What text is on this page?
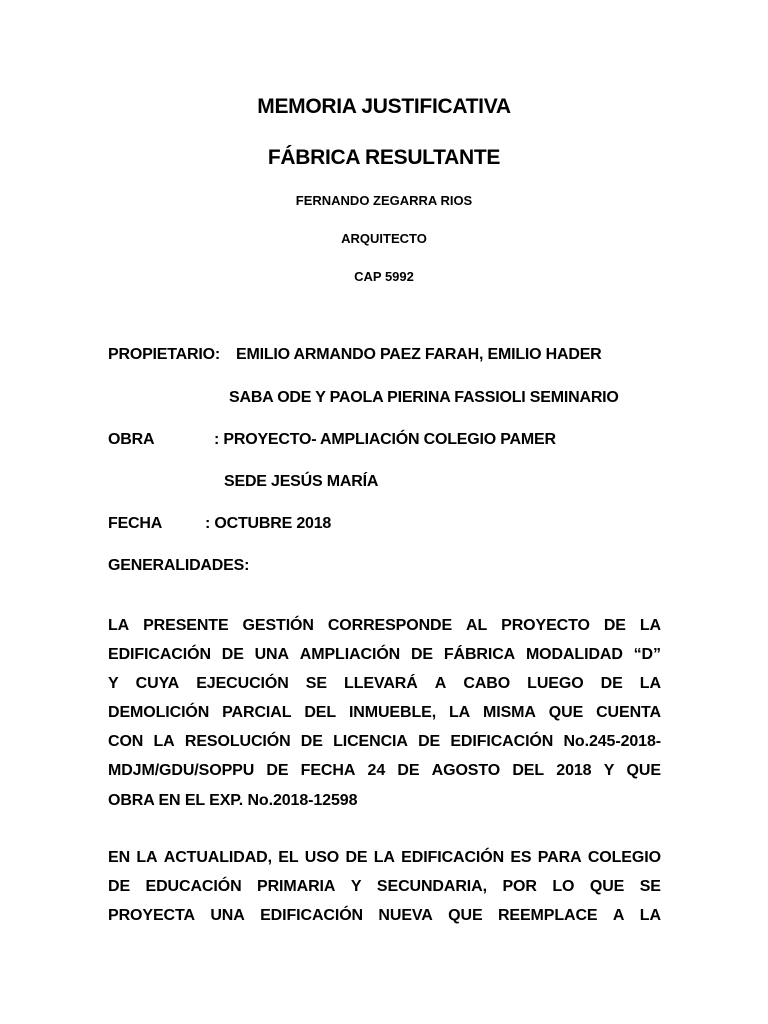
MEMORIA JUSTIFICATIVA
FÁBRICA RESULTANTE
FERNANDO ZEGARRA RIOS
ARQUITECTO
CAP 5992
PROPIETARIO: EMILIO ARMANDO PAEZ FARAH, EMILIO HADER
SABA ODE Y PAOLA PIERINA FASSIOLI SEMINARIO
OBRA	: PROYECTO- AMPLIACIÓN COLEGIO PAMER
SEDE JESÚS MARÍA
FECHA	: OCTUBRE 2018
GENERALIDADES:
LA PRESENTE GESTIÓN CORRESPONDE AL PROYECTO DE LA
EDIFICACIÓN DE UNA AMPLIACIÓN DE FÁBRICA MODALIDAD “D”
Y CUYA EJECUCIÓN SE LLEVARÁ A CABO LUEGO DE LA
DEMOLICIÓN PARCIAL DEL INMUEBLE, LA MISMA QUE CUENTA
CON LA RESOLUCIÓN DE LICENCIA DE EDIFICACIÓN No.245-2018-
MDJM/GDU/SOPPU DE FECHA 24 DE AGOSTO DEL 2018 Y QUE
OBRA EN EL EXP. No.2018-12598
EN LA ACTUALIDAD, EL USO DE LA EDIFICACIÓN ES PARA COLEGIO
DE EDUCACIÓN PRIMARIA Y SECUNDARIA, POR LO QUE SE
PROYECTA UNA EDIFICACIÓN NUEVA QUE REEMPLACE A LA
